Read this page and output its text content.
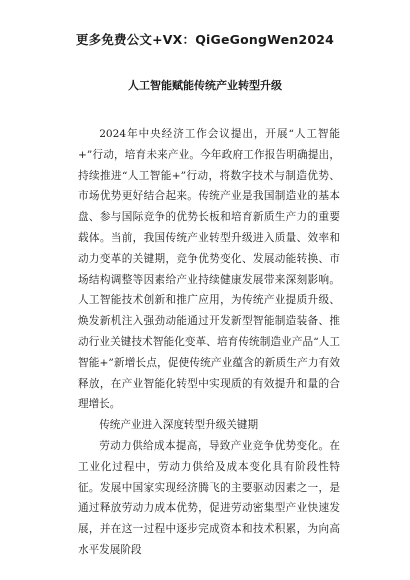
更多免费公文+VX：QiGeGongWen2024
人工智能赋能传统产业转型升级

2024年中央经济工作会议提出，开展“人工智能+”行动，培育未来产业。今年政府工作报告明确提出，持续推进“人工智能+”行动，将数字技术与制造优势、市场优势更好结合起来。传统产业是我国制造业的基本盘、参与国际竞争的优势长板和培育新质生产力的重要载体。当前，我国传统产业转型升级进入质量、效率和动力变革的关键期，竞争优势变化、发展动能转换、市场结构调整等因素给产业持续健康发展带来深刻影响。人工智能技术创新和推广应用，为传统产业提质升级、焕发新机注入强劲动能通过开发新型智能制造装备、推动行业关键技术智能化变革、培育传统制造业产品“人工智能+”新增长点，促使传统产业蕴含的新质生产力有效释放，在产业智能化转型中实现质的有效提升和量的合理增长。

传统产业进入深度转型升级关键期

劳动力供给成本提高，导致产业竞争优势变化。在工业化过程中，劳动力供给及成本变化具有阶段性特征。发展中国家实现经济腾飞的主要驱动因素之一，是通过释放劳动力成本优势，促进劳动密集型产业快速发展，并在这一过程中逐步完成资本和技术积累，为向高水平发展阶段
